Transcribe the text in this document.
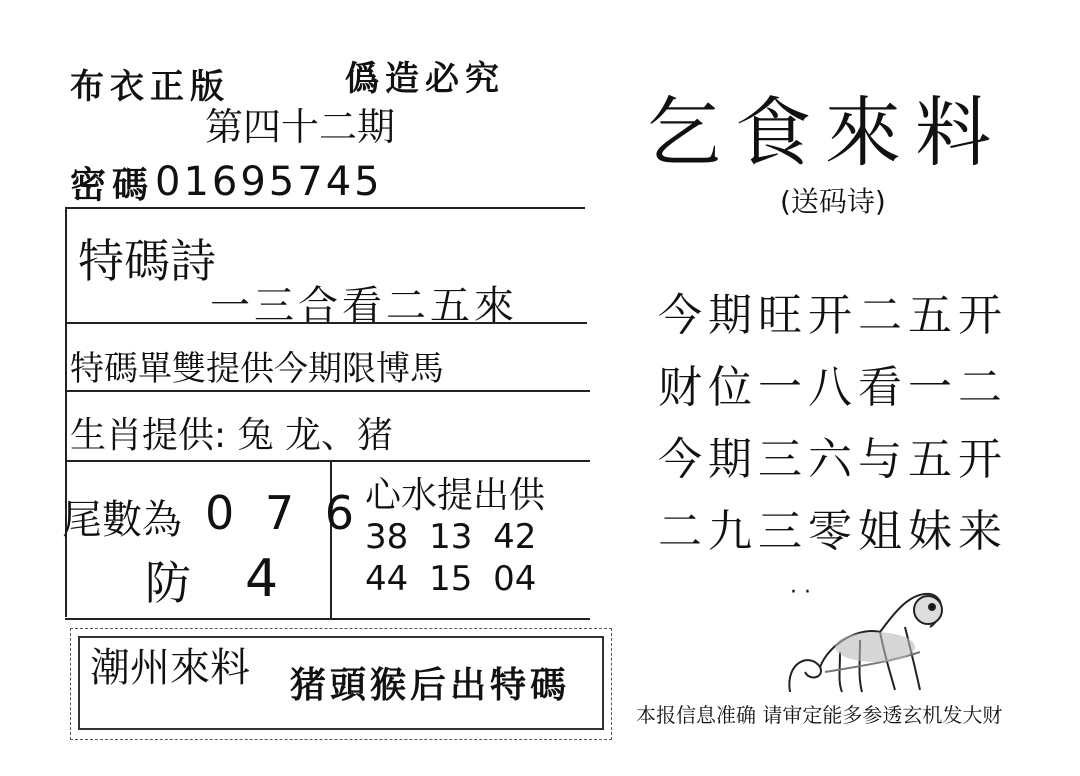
布衣正版	僞造必究
第四十二期
密碼 01695745
特碼詩
一三合看二五來
特碼單雙提供今期限博馬
生肖提供: 兔 龙、猪
尾數為 0 7 6
防 4
心水提出供
38 13 42
44 15 04
潮州來料 猪頭猴后出特碼
乞食來料
(送码诗)
今期旺开二五开
财位一八看一二
今期三六与五开
二九三零姐妹来
· ·
本报信息准确 请审定能多参透玄机发大财
